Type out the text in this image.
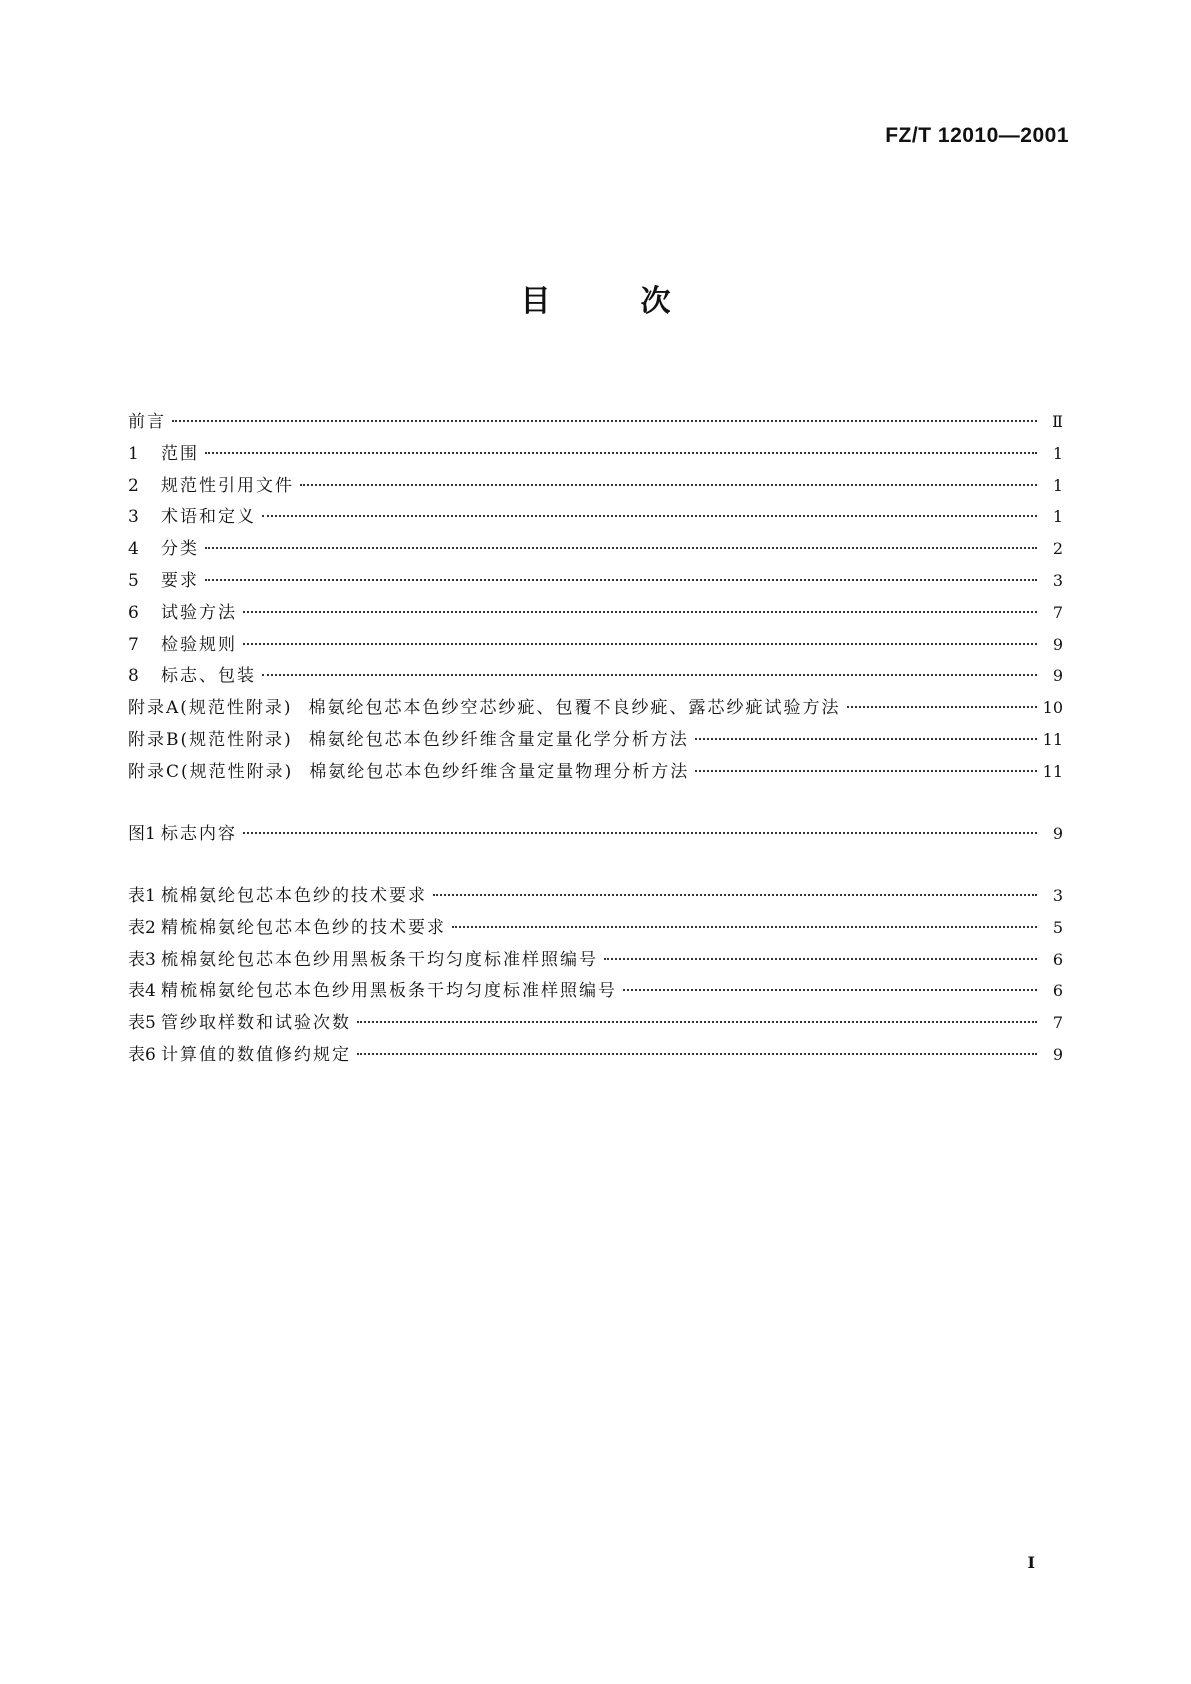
FZ/T 12010—2001
目次
前言	Ⅱ
1	范围	1
2	规范性引用文件	1
3	术语和定义	1
4	分类	2
5	要求	3
6	试验方法	7
7	检验规则	9
8	标志、包装	9
附录A(规范性附录) 棉氨纶包芯本色纱空芯纱疵、包覆不良纱疵、露芯纱疵试验方法	10
附录B(规范性附录) 棉氨纶包芯本色纱纤维含量定量化学分析方法	11
附录C(规范性附录) 棉氨纶包芯本色纱纤维含量定量物理分析方法	11
图1 标志内容	9
表1 梳棉氨纶包芯本色纱的技术要求	3
表2 精梳棉氨纶包芯本色纱的技术要求	5
表3 梳棉氨纶包芯本色纱用黑板条干均匀度标准样照编号	6
表4 精梳棉氨纶包芯本色纱用黑板条干均匀度标准样照编号	6
表5 管纱取样数和试验次数	7
表6 计算值的数值修约规定	9
Ⅰ
